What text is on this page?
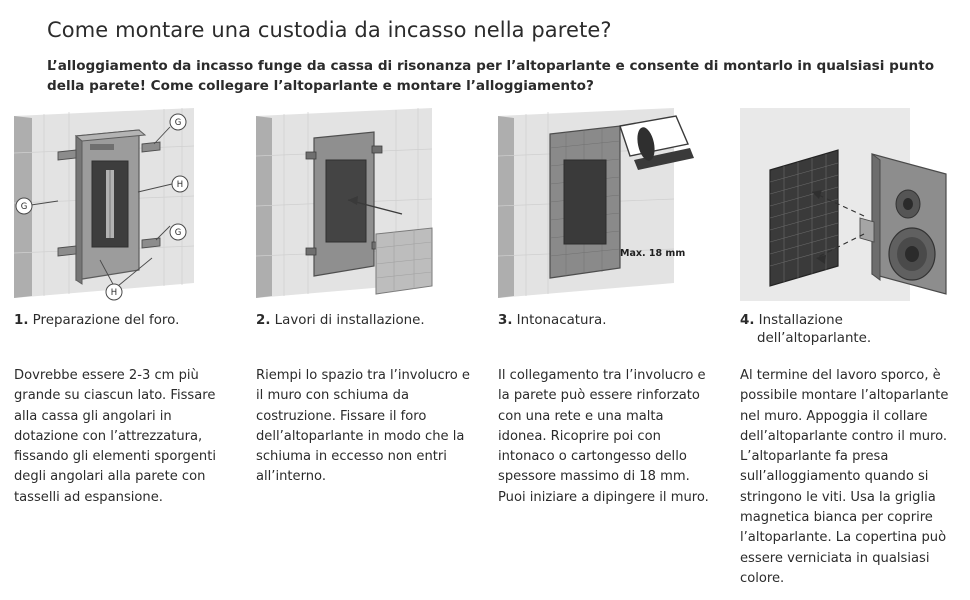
Come montare una custodia da incasso nella parete?
L’alloggiamento da incasso funge da cassa di risonanza per l’altoparlante e consente di montarlo in qualsiasi punto della parete! Come collegare l’altoparlante e montare l’alloggiamento?
G
H
G
G
H
1. Preparazione del foro.
Dovrebbe essere 2-3 cm più grande su ciascun lato. Fissare alla cassa gli angolari in dotazione con l’attrezzatura, fissando gli elementi sporgenti degli angolari alla parete con tasselli ad espansione.
2. Lavori di installazione.
Riempi lo spazio tra l’involucro e il muro con schiuma da costruzione. Fissare il foro dell’altoparlante in modo che la schiuma in eccesso non entri all’interno.
Max. 18 mm
3. Intonacatura.
Il collegamento tra l’involucro e la parete può essere rinforzato con una rete e una malta idonea. Ricoprire poi con intonaco o cartongesso dello spessore massimo di 18 mm. Puoi iniziare a dipingere il muro.
4. Installazione
dell’altoparlante.
Al termine del lavoro sporco, è possibile montare l’altoparlante nel muro. Appoggia il collare dell’altoparlante contro il muro. L’altoparlante fa presa sull’alloggiamento quando si stringono le viti. Usa la griglia magnetica bianca per coprire l’altoparlante. La copertina può essere verniciata in qualsiasi colore.
